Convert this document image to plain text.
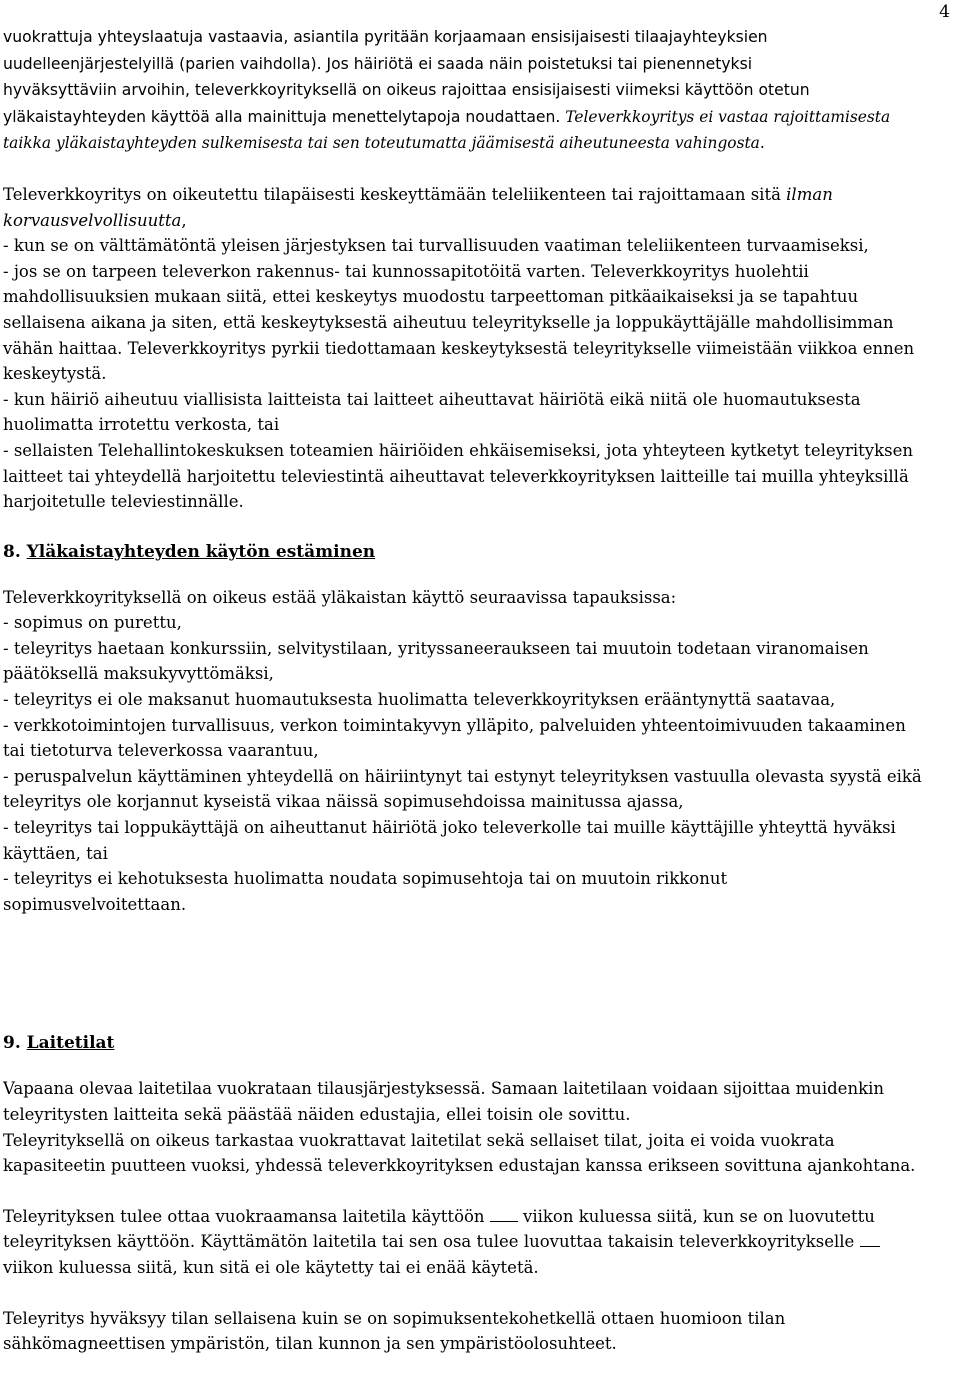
4

vuokrattuja yhteyslaatuja vastaavia, asiantila pyritään korjaamaan ensisijaisesti tilaajayhteyksien

uudelleenjärjestelyillä (parien vaihdolla). Jos häiriötä ei saada näin poistetuksi tai pienennetyksi

hyväksyttäviin arvoihin, televerkkoyrityksellä on oikeus rajoittaa ensisijaisesti viimeksi käyttöön otetun

yläkaistayhteyden käyttöä alla mainittuja menettelytapoja noudattaen. Televerkkoyritys ei vastaa rajoittamisesta

taikka yläkaistayhteyden sulkemisesta tai sen toteutumatta jäämisestä aiheutuneesta vahingosta.

Televerkkoyritys on oikeutettu tilapäisesti keskeyttämään teleliikenteen tai rajoittamaan sitä ilman

korvausvelvollisuutta,

- kun se on välttämätöntä yleisen järjestyksen tai turvallisuuden vaatiman teleliikenteen turvaamiseksi,

- jos se on tarpeen televerkon rakennus- tai kunnossapitotöitä varten. Televerkkoyritys huolehtii

mahdollisuuksien mukaan siitä, ettei keskeytys muodostu tarpeettoman pitkäaikaiseksi ja se tapahtuu

sellaisena aikana ja siten, että keskeytyksestä aiheutuu teleyritykselle ja loppukäyttäjälle mahdollisimman

vähän haittaa. Televerkkoyritys pyrkii tiedottamaan keskeytyksestä teleyritykselle viimeistään viikkoa ennen

keskeytystä.

- kun häiriö aiheutuu viallisista laitteista tai laitteet aiheuttavat häiriötä eikä niitä ole huomautuksesta

huolimatta irrotettu verkosta, tai

- sellaisten Telehallintokeskuksen toteamien häiriöiden ehkäisemiseksi, jota yhteyteen kytketyt teleyrityksen

laitteet tai yhteydellä harjoitettu televiestintä aiheuttavat televerkkoyrityksen laitteille tai muilla yhteyksillä

harjoitetulle televiestinnälle.

8. Yläkaistayhteyden käytön estäminen

Televerkkoyrityksellä on oikeus estää yläkaistan käyttö seuraavissa tapauksissa:

- sopimus on purettu,

- teleyritys haetaan konkurssiin, selvitystilaan, yrityssaneeraukseen tai muutoin todetaan viranomaisen

päätöksellä maksukyvyttömäksi,

- teleyritys ei ole maksanut huomautuksesta huolimatta televerkkoyrityksen erääntynyttä saatavaa,

- verkkotoimintojen turvallisuus, verkon toimintakyvyn ylläpito, palveluiden yhteentoimivuuden takaaminen

tai tietoturva televerkossa vaarantuu,

- peruspalvelun käyttäminen yhteydellä on häiriintynyt tai estynyt teleyrityksen vastuulla olevasta syystä eikä

teleyritys ole korjannut kyseistä vikaa näissä sopimusehdoissa mainitussa ajassa,

- teleyritys tai loppukäyttäjä on aiheuttanut häiriötä joko televerkolle tai muille käyttäjille yhteyttä hyväksi

käyttäen, tai

- teleyritys ei kehotuksesta huolimatta noudata sopimusehtoja tai on muutoin rikkonut

sopimusvelvoitettaan.

9. Laitetilat

Vapaana olevaa laitetilaa vuokrataan tilausjärjestyksessä. Samaan laitetilaan voidaan sijoittaa muidenkin

teleyritysten laitteita sekä päästää näiden edustajia, ellei toisin ole sovittu.

Teleyrityksellä on oikeus tarkastaa vuokrattavat laitetilat sekä sellaiset tilat, joita ei voida vuokrata

kapasiteetin puutteen vuoksi, yhdessä televerkkoyrityksen edustajan kanssa erikseen sovittuna ajankohtana.

Teleyrityksen tulee ottaa vuokraamansa laitetila käyttöön  viikon kuluessa siitä, kun se on luovutettu

teleyrityksen käyttöön. Käyttämätön laitetila tai sen osa tulee luovuttaa takaisin televerkkoyritykselle

viikon kuluessa siitä, kun sitä ei ole käytetty tai ei enää käytetä.

Teleyritys hyväksyy tilan sellaisena kuin se on sopimuksentekohetkellä ottaen huomioon tilan

sähkömagneettisen ympäristön, tilan kunnon ja sen ympäristöolosuhteet.
